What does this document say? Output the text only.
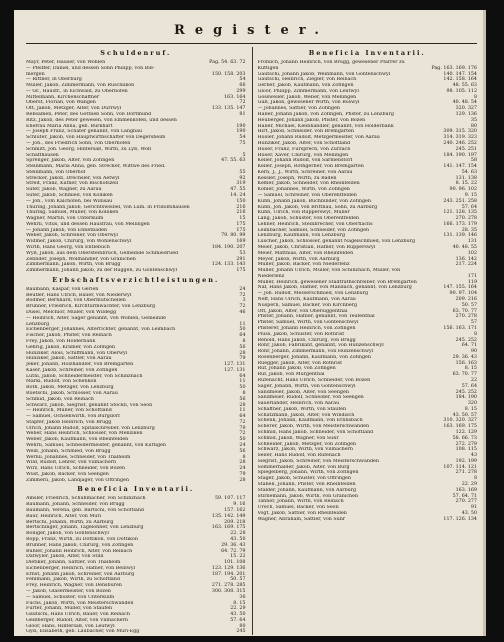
Register.
Schuldenruf.
Mayr, Peter, Häuser, von Wohlen	Pag. 54. 63. 72
— Pfeiffer, Daniel, und dessen Sohn Philipp, von Biß-
mergen	150. 158. 203
— Rittner, in Oberburg	54
Müller, Jakob, Zimmermann, von Rüschlikon	66
— Gr., Hausfr., in Eichwald, zu Oberhofen	299
Mittelmann, Kirchenschaffner	163. 164
Oberst, Florian, von Wangen	72
Ott, Jakob, Metzger, Alter, von Dürrwyl	133. 135. 147
Rebsamen, Peter, des Gottlieb Sohn, von Dortmund	81
Ritz, Jakob, des Peter gewesen, von Emmenkofen, und dessen
Ehefrau Maria Anna, geb. Burkhart	190
— Joseph Franz, Schäfer genannt, von Langnau	190
Schlüter, Jakob, von Hauptwirthschafter von Degersheim	54
— Joh., des Friedrich Sohn, von Oberhofen	75
Schmitt, Joh. Georg, Hintersäß, Wirth, zu Lyß, Wöfl
Schaffhausen	5
Sprenger, Jakob, Alter, von Zofingen	47. 55. 63
Steinmann, Maria Anna, geb. Strecker, Wittwe des Fried.
Steinmann, von Oberhof	55
Strecker, Jakob, Drechsler, von Aetwyl	92
Streit, Franz, Küfner, von Bischofszell	319
Suter, Jakob, Wagner, zu Aarau	47. 55
Suter, Jakob, Schmied, von Kölliken	14. 24
— Joh., vom Kalchofen, bei Willisau	150
Thüring, Johann Jakob, Gerichtsweibel, von Lüm. in Fridolfshausen	216
Thüring, Samuel, Müller, von Kölliken	216
Wagner, Martin, von Unterkulm	15
Wehrli, Vitus, und dessen Hausfrau, von Mellingen	175
— Johann Jakob, von Ennetbaden	175
Weber, Jakob, Schreiner, von Oberwyl	79. 80. 99
Widmer, Jakob, Chirurg, von Wohlenschwyl	169
Wirth, Hans Georg, von Entlebuch	184. 190. 207
Wyß, Jakob, aus dem Obersteinbruch, Gemeinde Schmiedrued	53
Zehnder, Joseph, Wollhändler, von Gränichen	291
Zimmermann, Jakob, Wirth, von Brugg	124. 133. 143
Zimmermann, Johann Jakob, zu der Rüggen, zu Gontenschwyl	175
Erbschaftsverzichtleistungen.
Baumann, Kaspar, von Gerlen	24
Beutler, Hans Ulrich, Bauer, von Niederwyl	72
Bodmer, Bernhard, von Obermutschellen	3
Brunner, Friedrich, Kirchturmwächter, von Lenzburg	72
Düsel, Melchior, Müller, von Wildegg	46
— Heinrich, Alter, Sager genannt, von Wohlen, Gemeinde
Lenzburg	11
Eichenberger, Johannes, Alterrichter, genannt, von Leimbach	50
Fischer, Jakob, Pfister, von Reinach	64
Frey, Jakob, von Holderbank	8
Gehrig, Jakob, Krämer, von Zofingen	56
Hunziker, Alois, Schiffmann, von Oberwyl	28
Hunziker, Jakob, Sattler, von Aarau	79
Jeker, Johann, Holzhändler, von Bremgarten	127. 131
Käser, Jakob, Schreiner, von Zofingen	127. 131
Lüthi, Jakob, Schneidermeister, von Schinznach	64
Märki, Rudolf, von Schenkon	11
Roth, Jakob, Metzger, von Lenzburg	50
Rüetschi, Jakob, Schlosser, von Aarau	8
Schmid, Jakob, von Reinach	56
Schwarz, Jakob, Siegrist, genannt Stöckli, von Seon	28
— Heinrich, Müller, von Schöftland	11
— Samuel, Ochsenwirth, von Burgdorf	64
Stapfer, Jakob Heinrich, von Brugg	72
Ulrich, Johann Rudolf, Spitalschreiber, von Lenzburg	79
Weber, Hans Heinrich, Schlosser, von Menziken	72
Weber, Jakob, Kaufmann, von Rheinfelden	50
Wehrli, Samuel, Schneidermeister, genannt, von Küttigen	24
Weiß, Johann, Schmied, von Brugg	56
Wernli, Johannes, Schneider, von Thalheim	8
Wild, Rudolf, Lehrer, von Villnachern	28
Wirz, Hans Ulrich, Schneider, von Bözen	24
Wüst, Jakob, Bäcker, von Seengen	79
Zimmerli, Jakob, Landjäger, von Oftringen	28
Beneficia Inventarii.
Amsler, Friedrich, Schuhmacher, von Schinznach	59. 107. 117
Baumann, Johann, Schneider, von Brugg	9. 16
Baumann, Verena, geb. Bärtschi, von Schöftland	157. 162
Baur, Heinrich, Alter, von Muri	135. 142. 149
Bertschi, Johann, Wirth, zu Aarburg	209. 218
Bertschinger, Johann, Tagelöhner, von Lenzburg	163. 169. 175
Bolliger, Jakob, von Gontenschwyl	22. 28
Bopp, Franz, Wirth, zu Dottikon, von Dottikon	43. 50
Brunner, Hans Jakob, Chirurg, von Zofingen	29. 36. 43
Bühler, Johann Heinrich, Alter, von Reinach	64. 72. 79
Dätwyler, Jakob, Alter, von Stilli	15. 22
Dietiker, Johann, Sattler, von Thalheim	101. 108
Eichenberger, Heinrich, Hafner, von Beinwyl	123. 129. 136
Ernst, Johann Jakob, Schreiner, von Aarburg	187. 194. 201
Fehlmann, Jakob, Wirth, zu Schöftland	50. 57
Frey, Heinrich, Wagner, von Densbüren	271. 278. 285
— Jakob, Glasermeister, von Bözen	300. 308. 315
— Samuel, Schuster, von Unterkulm	36
Fuchs, Jakob, Wirth, von Meisterschwanden	8. 15
Furter, Johann, Müller, von Staufen	22. 29
Gautschi, Hans Ulrich, Bauer, von Reinach	43. 50
Geißberger, Rudolf, Alter, von Villnachern	57. 64
Gloor, Hans, Hintersäß, von Leutwyl	80
Gysi, Elisabeth, geb. Laubacher, von Muri-Egg	245
Beneficia Inventarii.
Fröhlich, Johann Heinrich, von Brugg, gewesener Pfarrer zu
Küttigen	Pag. 163. 169. 176
Gautschi, Johann Jakob, Weinmann, von Gontenschwyl	140. 147. 154
Gautschi, Heinrich, Ziegler, von Reinach	142. 158. 164
Gerber, Jakob, Kaufmann, von Zofingen	48. 55. 63
Gloor, Philipp, Zimmermann, von Leutwyl	98. 105. 112
Gossweiler, Jakob, Weber, von Mellingen	8
Guß, Jakob, gewesener Wirth, von Boswyl	40. 48. 54
— Johannes, Sattler, von Zofingen	320. 327
Haller, Johann Jakob, von Zofingen, Pfister, zu Lenzburg	129. 136
Heuberger, Johann Jakob, Pfister, von Bözen	35
Haller, Michael, Kleinhändler, genannt, von Holderbank	80
Hirt, Jakob, Schneider, von Bremgarten	309. 315. 320
Hüsler, Johann Rudolf, Metzgermeister, von Aarau	314. 319. 323
Hunziker, Jakob, Alter, von Schöftland	240. 246. 252
Huser, Franz, Fürsprech, von Zurzach	245. 251
Huser, Xaver, Chirurg, von Mellingen	184. 190. 197
Keller, Johann Rudolf, von Sarmenstorf	58
Keller, Joseph, Rothgerber, von Bremgarten	141. 147. 154
Kern, J., J., Wirth, Schreiner, von Aarau	54. 63
Kessler, Joseph, Wirth, zu Baden	131. 138
Keßler, Jakob, Schneider, von Rheinfelden	8. 15. 22
Kohler, Johannes, Wirth, von Zofingen	90. 96. 102
— Samuel, Schreiner, von Oberentfelden	9. 15
Kuhn, Johann Jakob, Buchbinder, von Zofingen	243. 251. 258
Kuhn, Joh. Jakob, von Brittnau, Sohn, zu Aarburg	57. 64
Kuhn, Ulrich, von Rupperswyl, Müller	121. 128. 135
Lang, Jakob, Schuster, von Oberentfelden	270. 278
Lehner, Heinrich, Steinbrecher, von Oberflachs	166. 173. 179
Leimbacher, Samuel, Schneider, von Zofingen	28. 35
Lenzburg, Kaufmann, von Lenzburg	131. 139. 146
Lüscher, Jakob, Schlosser, genannt Nagelschmied, von Lenzburg	131
Meier, Jakob, Christian, Hafner, von Rupperswyl	40. 48. 55
Meier, Matthias, Alter, von Rheinfelden	102
Meyer, Jakob, Wirth, von Aarburg	136. 142
Müller, Jakob, Bäcker, von Niederlenz	217. 224
Müller, Johann Ulrich, Müller, von Schinznach, Müller, von
Niederlenz	171
Müller, Heinrich, gewesener Stadtrathschreiber, von Bremgarten	119
Näf, Hans Jakob, Hafner, von Mandach, genannt, von Lenzburg	147. 155. 164
— Joh. Rudolf, Messerschmied, von Lenzburg	90. 97. 104
Neff, Hans Ulrich, Kaufmann, von Aarau	209. 216
Nüsperli, Samuel, Bäcker, von Kirchberg	50. 57
Ott, Jakob, Alter, von Obersiggenthal	63. 70. 77
Pfister, Johann, Hafner, genannt, von Teufenthal	270. 278
Pfister, Samuel, Wirth, von Gontenschwyl	57
Pfisterer, Johann Heinrich, von Zofingen	156. 163. 171
Plüss, Jakob, Schuster, von Rothrist	8
Renold, Hans Jakob, Chirurg, von Brugg	245. 252
Rohr, Jakob, Fabrikant, genannt, von Hunzenschwyl	64. 71
Rohr, Johann, Zimmermann, von Hunzenschwyl	90
Rosenberger, Johann, Kaufmann, von Zofingen	29. 36. 43
Rüegger, Jakob, Alter, von Rothrist	156. 163
Ruf, Johann Jakob, von Zofingen	8. 15
Ruf, Jakob, von Murgenthal	63. 70. 77
Rüfenacht, Hans Ulrich, Schneider, von Bözen	22
Sager, Johann, Wirth, von Gontenschwyl	57. 64
Sandmeier, Jakob, Alter, von Seengen	245. 252
Sandmeier, Rudolf, Schneider, von Seengen	184. 190
Sauerländer, Heinrich, von Aarau	320
Schaffner, Jakob, Wirth, von Staufen	8. 15
Schatzmann, Jakob, Alter, von Windisch	43. 50. 57
Schenk, Johann, Kaufmann, von Erlinsbach	310. 320. 327
Scherer, Jakob, Wirth, von Meisterschwanden	163. 169. 175
Schmid, Hans Jakob, Schneider, von Schöftland	122. 129
Schmid, Jakob, Wagner, von Suhr	58. 66. 73
Schneider, Jakob, Metzger, von Zofingen	272. 279
Schwarz, Jakob, Wirth, von Villnachern	108. 115
Seiler, Hans Rudolf, von Rüfenach	43
Siegrist, Jakob, Schreiner, von Meisterschwanden	192. 199
Sommerhalder, Jakob, Alter, von Burg	107. 114. 121
Spiegelberg, Johann, Wirth, von Zofingen	271. 278
Stäger, Jakob, Schuster, von Oftringen	8
Stäheli, Johann, Pfister, von Rheinfelden	22. 29
Stalder, Johann, Kaufmann, von Aarburg	163. 169
Stirnemann, Jakob, Wirth, von Gränichen	57. 64. 71
Tanner, Johann, Wirth, von Reinach	270. 277
Urech, Samuel, Bäcker, von Seon	91
Vogt, Jakob, Sattler, von Rheinfelden	43. 50
Wagner, Abraham, Sattler, von Suhr	117. 126. 134
